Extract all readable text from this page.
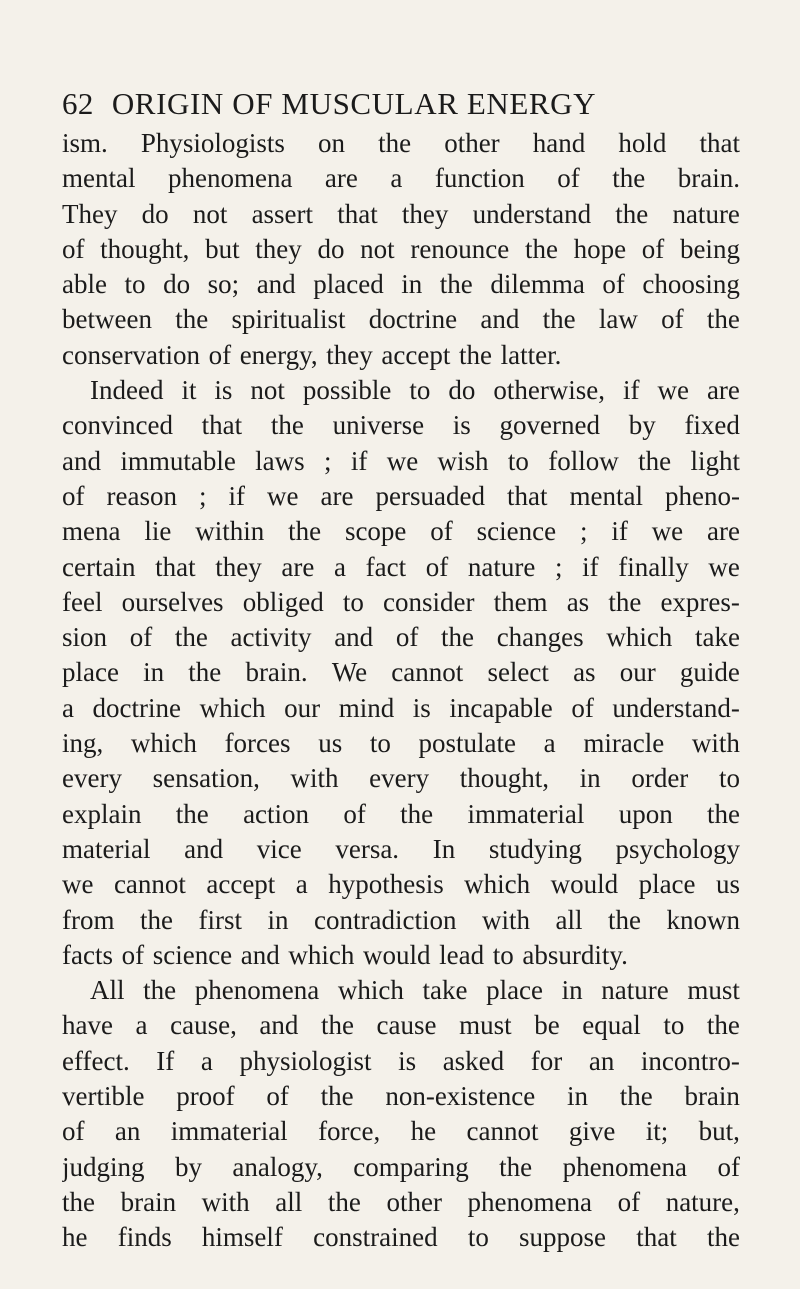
62 ORIGIN OF MUSCULAR ENERGY
ism. Physiologists on the other hand hold that
mental phenomena are a function of the brain.
They do not assert that they understand the nature
of thought, but they do not renounce the hope of being
able to do so; and placed in the dilemma of choosing
between the spiritualist doctrine and the law of the
conservation of energy, they accept the latter.
Indeed it is not possible to do otherwise, if we are
convinced that the universe is governed by fixed
and immutable laws ; if we wish to follow the light
of reason ; if we are persuaded that mental pheno-
mena lie within the scope of science ; if we are
certain that they are a fact of nature ; if finally we
feel ourselves obliged to consider them as the expres-
sion of the activity and of the changes which take
place in the brain. We cannot select as our guide
a doctrine which our mind is incapable of understand-
ing, which forces us to postulate a miracle with
every sensation, with every thought, in order to
explain the action of the immaterial upon the
material and vice versa. In studying psychology
we cannot accept a hypothesis which would place us
from the first in contradiction with all the known
facts of science and which would lead to absurdity.
All the phenomena which take place in nature must
have a cause, and the cause must be equal to the
effect. If a physiologist is asked for an incontro-
vertible proof of the non-existence in the brain
of an immaterial force, he cannot give it; but,
judging by analogy, comparing the phenomena of
the brain with all the other phenomena of nature,
he finds himself constrained to suppose that the
